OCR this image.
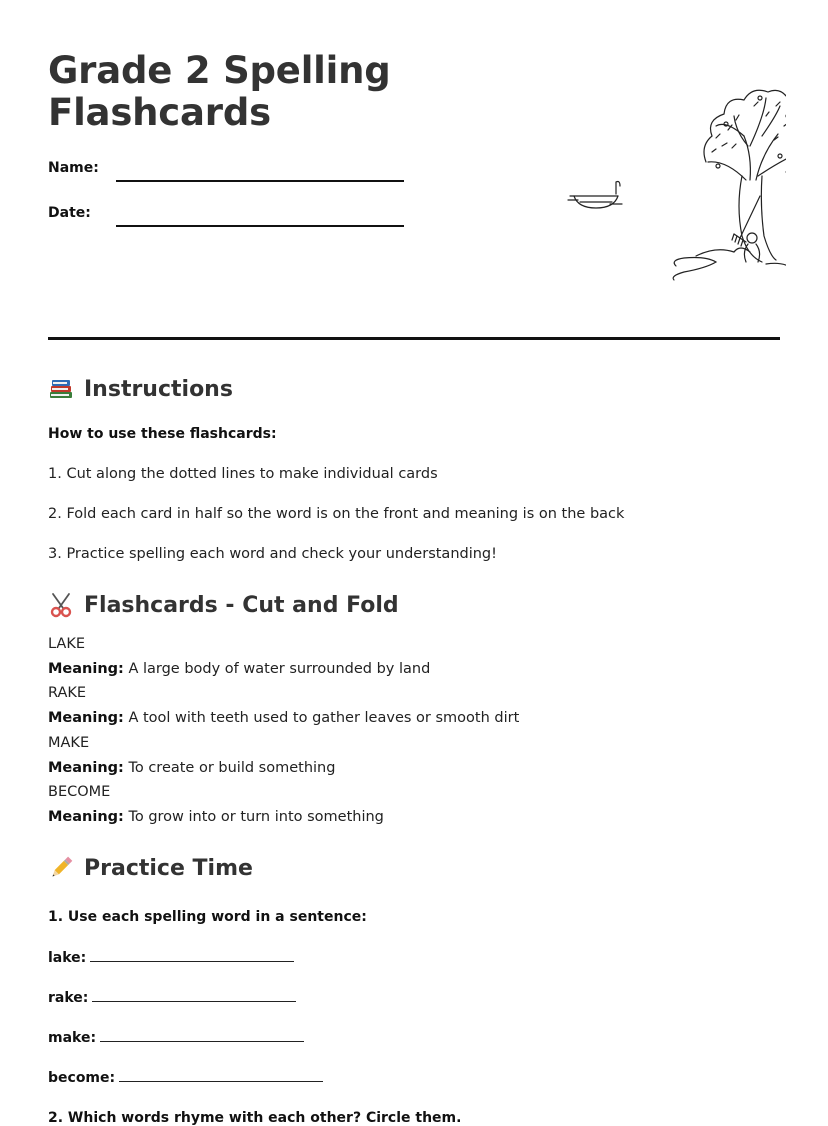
Grade 2 Spelling Flashcards
Name:
Date:
Instructions
How to use these flashcards:
1. Cut along the dotted lines to make individual cards
2. Fold each card in half so the word is on the front and meaning is on the back
3. Practice spelling each word and check your understanding!
Flashcards - Cut and Fold
LAKE
Meaning: A large body of water surrounded by land
RAKE
Meaning: A tool with teeth used to gather leaves or smooth dirt
MAKE
Meaning: To create or build something
BECOME
Meaning: To grow into or turn into something
Practice Time
1. Use each spelling word in a sentence:
lake:
rake:
make:
become:
2. Which words rhyme with each other? Circle them.
